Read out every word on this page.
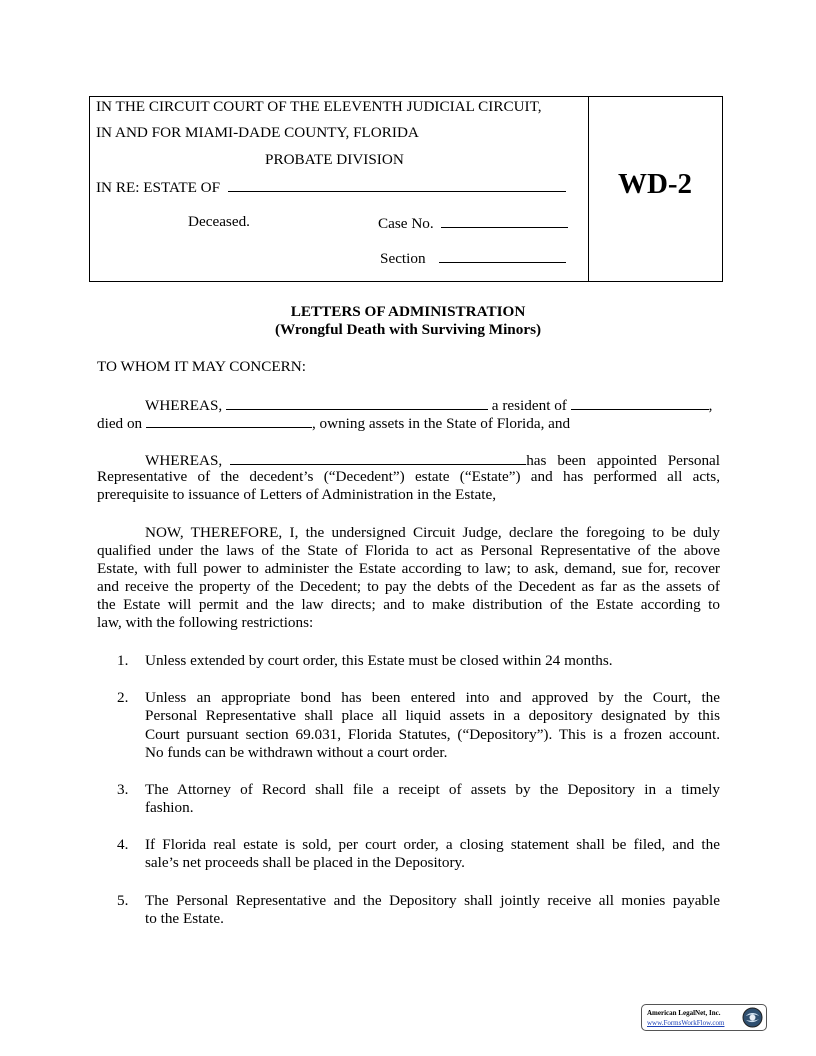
IN THE CIRCUIT COURT OF THE ELEVENTH JUDICIAL CIRCUIT,
IN AND FOR MIAMI-DADE COUNTY, FLORIDA
PROBATE DIVISION
IN RE: ESTATE OF
Deceased.	Case No.
Section
WD-2
LETTERS OF ADMINISTRATION
(Wrongful Death with Surviving Minors)
TO WHOM IT MAY CONCERN:
WHEREAS,	a resident of	,
died on	, owning assets in the State of Florida, and
WHEREAS,	has been appointed Personal
Representative of the decedent’s (“Decedent”) estate (“Estate”) and has performed all acts,
prerequisite to issuance of Letters of Administration in the Estate,
NOW, THEREFORE, I, the undersigned Circuit Judge, declare the foregoing to be duly
qualified under the laws of the State of Florida to act as Personal Representative of the above
Estate, with full power to administer the Estate according to law; to ask, demand, sue for, recover
and receive the property of the Decedent; to pay the debts of the Decedent as far as the assets of
the Estate will permit and the law directs; and to make distribution of the Estate according to
law, with the following restrictions:
1. Unless extended by court order, this Estate must be closed within 24 months.
2. Unless an appropriate bond has been entered into and approved by the Court, the
Personal Representative shall place all liquid assets in a depository designated by this
Court pursuant section 69.031, Florida Statutes, (“Depository”). This is a frozen account.
No funds can be withdrawn without a court order.
3. The Attorney of Record shall file a receipt of assets by the Depository in a timely
fashion.
4. If Florida real estate is sold, per court order, a closing statement shall be filed, and the
sale’s net proceeds shall be placed in the Depository.
5. The Personal Representative and the Depository shall jointly receive all monies payable
to the Estate.
American LegalNet, Inc.
www.FormsWorkFlow.com
